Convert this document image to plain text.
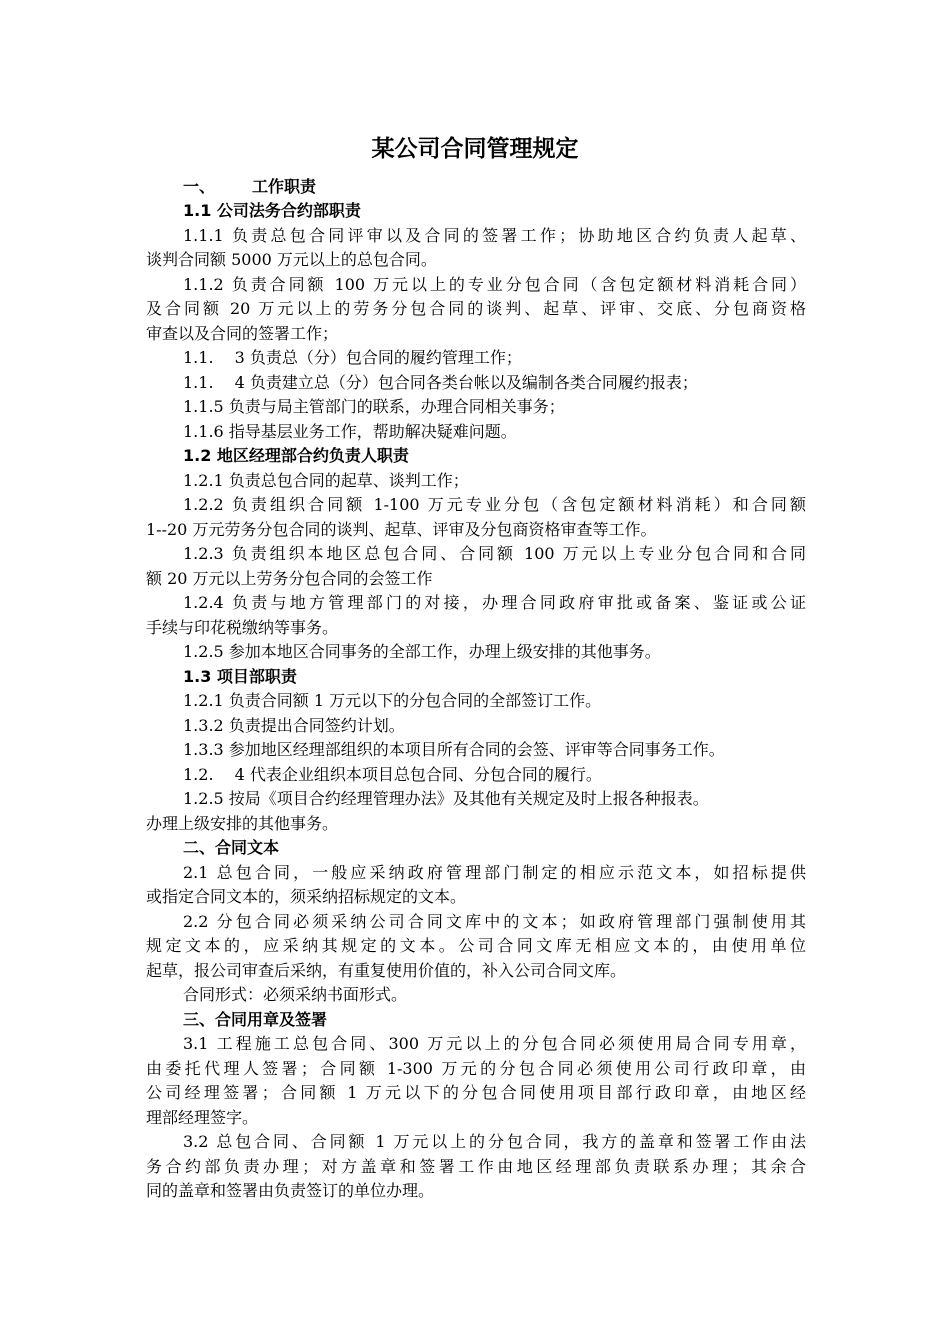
某公司合同管理规定
一、	工作职责
1.1 公司法务合约部职责
1.1.1 负责总包合同评审以及合同的签署工作；协助地区合约负责人起草、
谈判合同额 5000 万元以上的总包合同。
1.1.2 负责合同额 100 万元以上的专业分包合同（含包定额材料消耗合同）
及合同额 20 万元以上的劳务分包合同的谈判、起草、评审、交底、分包商资格
审查以及合同的签署工作；
1.1.　 3 负责总（分）包合同的履约管理工作；
1.1.　 4 负责建立总（分）包合同各类台帐以及编制各类合同履约报表；
1.1.5 负责与局主管部门的联系，办理合同相关事务；
1.1.6 指导基层业务工作，帮助解决疑难问题。
1.2 地区经理部合约负责人职责
1.2.1 负责总包合同的起草、谈判工作；
1.2.2 负责组织合同额 1-100 万元专业分包（含包定额材料消耗）和合同额
1--20 万元劳务分包合同的谈判、起草、评审及分包商资格审查等工作。
1.2.3 负责组织本地区总包合同、合同额 100 万元以上专业分包合同和合同
额 20 万元以上劳务分包合同的会签工作
1.2.4 负责与地方管理部门的对接，办理合同政府审批或备案、鉴证或公证
手续与印花税缴纳等事务。
1.2.5 参加本地区合同事务的全部工作，办理上级安排的其他事务。
1.3 项目部职责
1.2.1 负责合同额 1 万元以下的分包合同的全部签订工作。
1.3.2 负责提出合同签约计划。
1.3.3 参加地区经理部组织的本项目所有合同的会签、评审等合同事务工作。
1.2.　 4 代表企业组织本项目总包合同、分包合同的履行。
1.2.5 按局《项目合约经理管理办法》及其他有关规定及时上报各种报表。
办理上级安排的其他事务。
二、合同文本
2.1 总包合同，一般应采纳政府管理部门制定的相应示范文本，如招标提供
或指定合同文本的，须采纳招标规定的文本。
2.2 分包合同必须采纳公司合同文库中的文本；如政府管理部门强制使用其
规定文本的，应采纳其规定的文本。公司合同文库无相应文本的，由使用单位
起草，报公司审查后采纳，有重复使用价值的，补入公司合同文库。
合同形式：必须采纳书面形式。
三、合同用章及签署
3.1 工程施工总包合同、300 万元以上的分包合同必须使用局合同专用章，
由委托代理人签署；合同额 1-300 万元的分包合同必须使用公司行政印章，由
公司经理签署；合同额 1 万元以下的分包合同使用项目部行政印章，由地区经
理部经理签字。
3.2 总包合同、合同额 1 万元以上的分包合同，我方的盖章和签署工作由法
务合约部负责办理；对方盖章和签署工作由地区经理部负责联系办理；其余合
同的盖章和签署由负责签订的单位办理。
